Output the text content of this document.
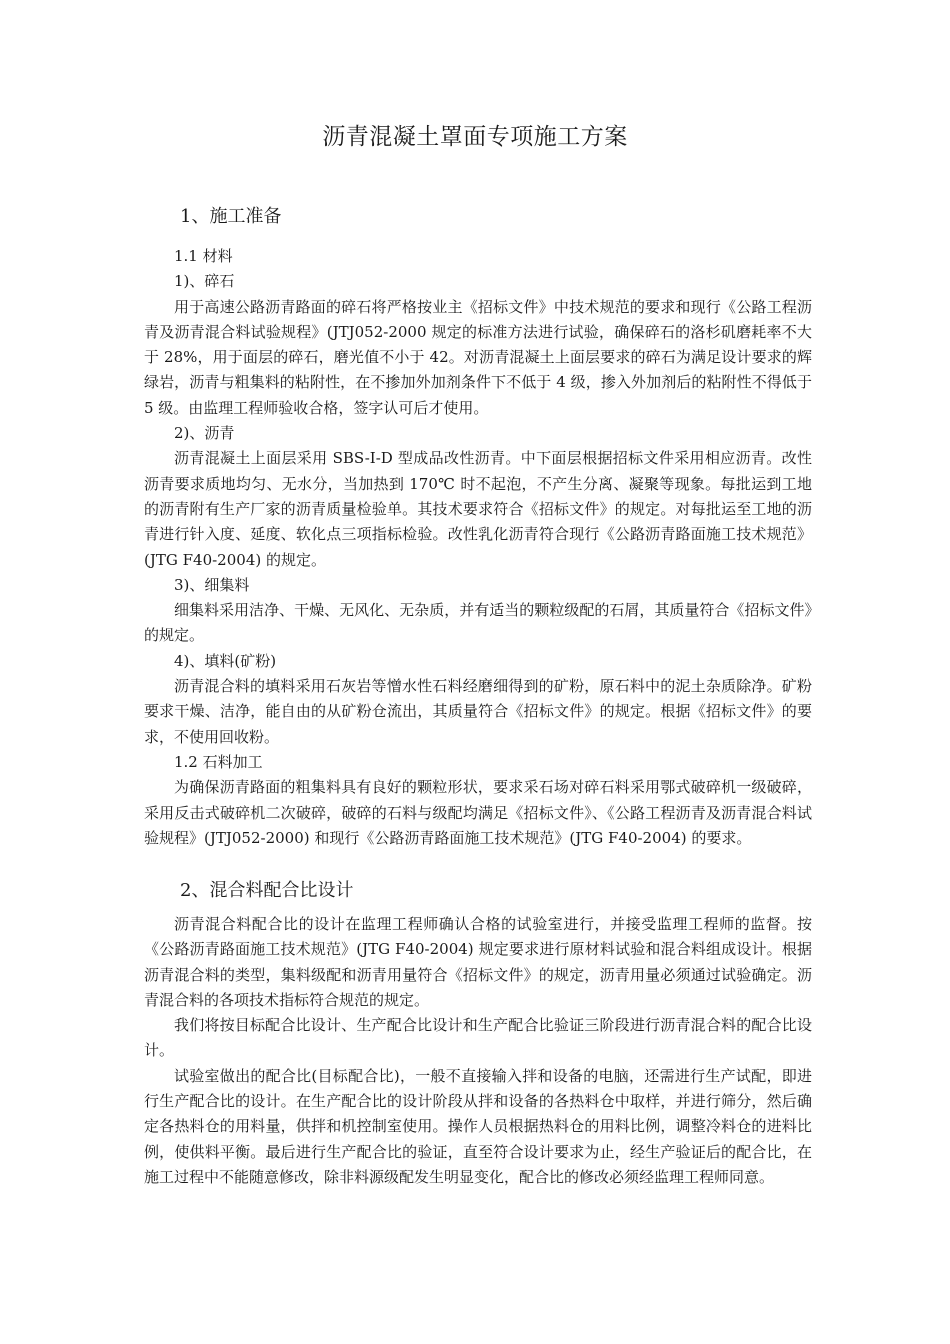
沥青混凝土罩面专项施工方案
1、施工准备

1.1 材料

1)、碎石

用于高速公路沥青路面的碎石将严格按业主《招标文件》中技术规范的要求和现行《公路工程沥青及沥青混合料试验规程》(JTJ052-2000 规定的标准方法进行试验，确保碎石的洛杉矶磨耗率不大于 28%，用于面层的碎石，磨光值不小于 42。对沥青混凝土上面层要求的碎石为满足设计要求的辉绿岩，沥青与粗集料的粘附性，在不掺加外加剂条件下不低于 4 级，掺入外加剂后的粘附性不得低于 5 级。由监理工程师验收合格，签字认可后才使用。

2)、沥青

沥青混凝土上面层采用 SBS-I-D 型成品改性沥青。中下面层根据招标文件采用相应沥青。改性沥青要求质地均匀、无水分，当加热到 170℃ 时不起泡，不产生分离、凝聚等现象。每批运到工地的沥青附有生产厂家的沥青质量检验单。其技术要求符合《招标文件》的规定。对每批运至工地的沥青进行针入度、延度、软化点三项指标检验。改性乳化沥青符合现行《公路沥青路面施工技术规范》(JTG F40-2004) 的规定。

3)、细集料

细集料采用洁净、干燥、无风化、无杂质，并有适当的颗粒级配的石屑，其质量符合《招标文件》的规定。

4)、填料(矿粉)

沥青混合料的填料采用石灰岩等憎水性石料经磨细得到的矿粉，原石料中的泥土杂质除净。矿粉要求干燥、洁净，能自由的从矿粉仓流出，其质量符合《招标文件》的规定。根据《招标文件》的要求，不使用回收粉。

1.2 石料加工

为确保沥青路面的粗集料具有良好的颗粒形状，要求采石场对碎石料采用鄂式破碎机一级破碎，采用反击式破碎机二次破碎，破碎的石料与级配均满足《招标文件》、《公路工程沥青及沥青混合料试验规程》(JTJ052-2000) 和现行《公路沥青路面施工技术规范》(JTG F40-2004) 的要求。

2、混合料配合比设计

沥青混合料配合比的设计在监理工程师确认合格的试验室进行，并接受监理工程师的监督。按《公路沥青路面施工技术规范》(JTG F40-2004) 规定要求进行原材料试验和混合料组成设计。根据沥青混合料的类型，集料级配和沥青用量符合《招标文件》的规定，沥青用量必须通过试验确定。沥青混合料的各项技术指标符合规范的规定。

我们将按目标配合比设计、生产配合比设计和生产配合比验证三阶段进行沥青混合料的配合比设计。

试验室做出的配合比(目标配合比)，一般不直接输入拌和设备的电脑，还需进行生产试配，即进行生产配合比的设计。在生产配合比的设计阶段从拌和设备的各热料仓中取样，并进行筛分，然后确定各热料仓的用料量，供拌和机控制室使用。操作人员根据热料仓的用料比例，调整冷料仓的进料比例，使供料平衡。最后进行生产配合比的验证，直至符合设计要求为止，经生产验证后的配合比，在施工过程中不能随意修改，除非料源级配发生明显变化，配合比的修改必须经监理工程师同意。
